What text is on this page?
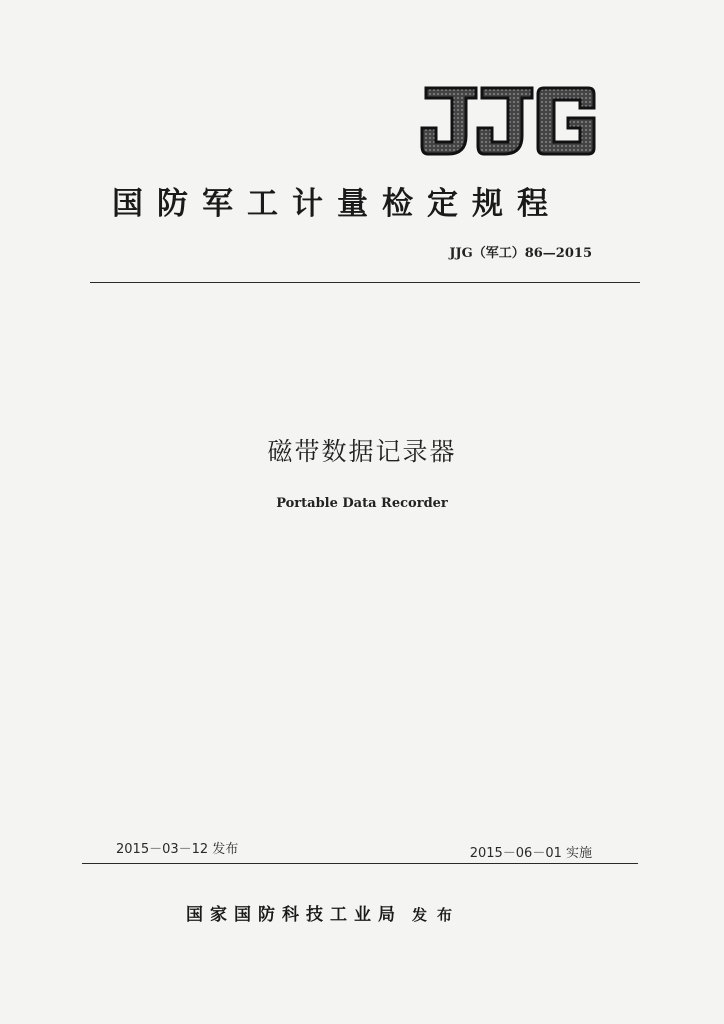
国防军工计量检定规程
JJG（军工）86—2015
磁带数据记录器
Portable Data Recorder
2015－03－12 发布	2015－06－01 实施
国家国防科技工业局 发布
